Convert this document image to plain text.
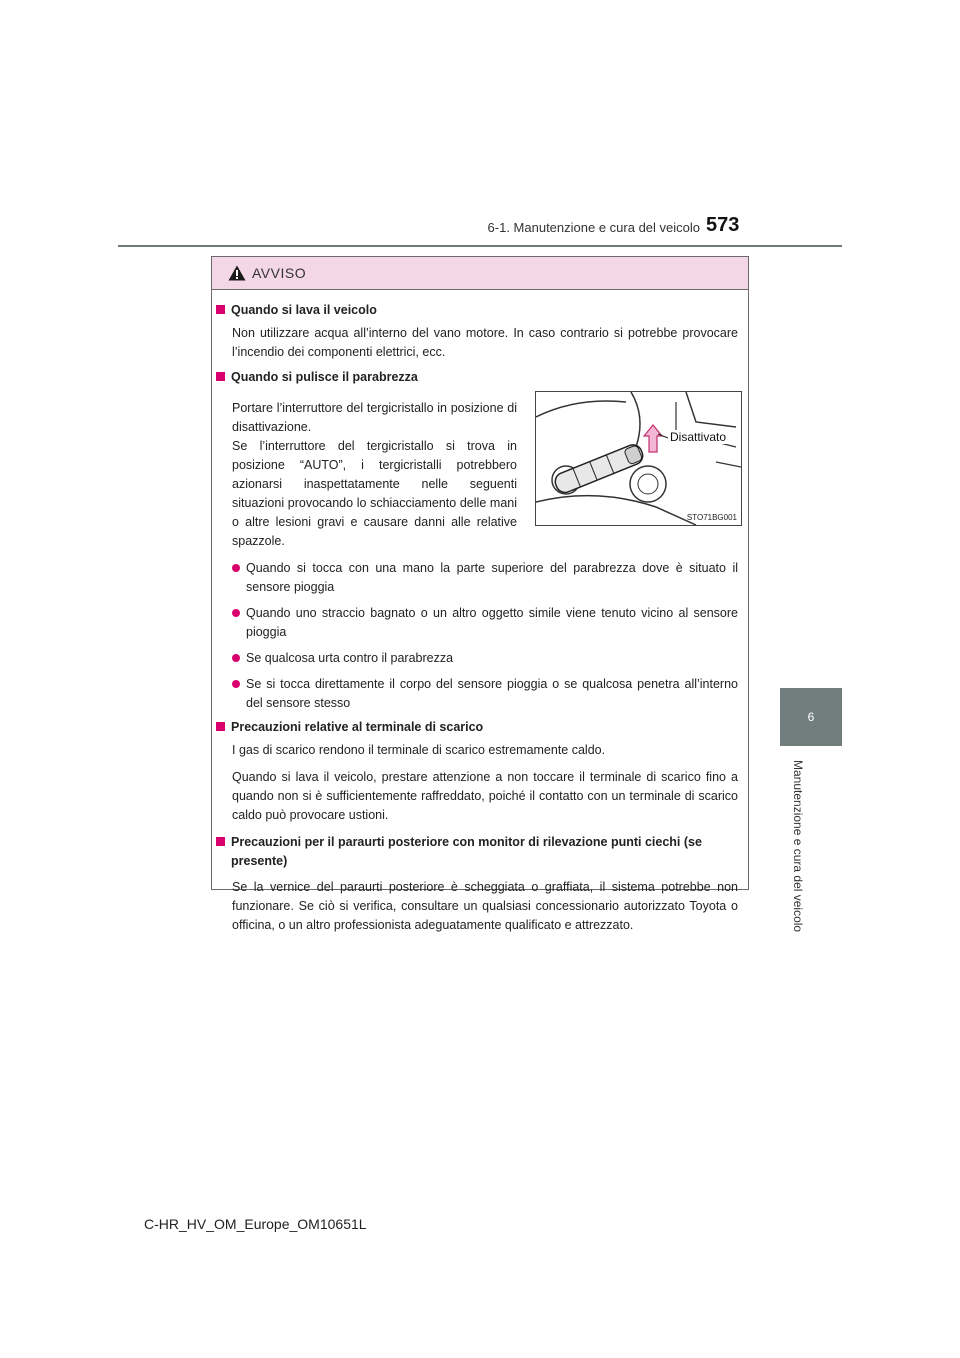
6-1. Manutenzione e cura del veicolo 573
6
Manutenzione e cura del veicolo
AVVISO
Quando si lava il veicolo
Non utilizzare acqua all’interno del vano motore. In caso contrario si potrebbe provocare l’incendio dei componenti elettrici, ecc.
Quando si pulisce il parabrezza
Portare l’interruttore del tergicristallo in posizione di disattivazione.
Se l’interruttore del tergicristallo si trova in posizione “AUTO”, i tergicristalli potrebbero azionarsi inaspettatamente nelle seguenti situazioni provocando lo schiacciamento delle mani o altre lesioni gravi e causare danni alle relative spazzole.
Disattivato
STO71BG001
Quando si tocca con una mano la parte superiore del parabrezza dove è situato il sensore pioggia
Quando uno straccio bagnato o un altro oggetto simile viene tenuto vicino al sensore pioggia
Se qualcosa urta contro il parabrezza
Se si tocca direttamente il corpo del sensore pioggia o se qualcosa penetra all’interno del sensore stesso
Precauzioni relative al terminale di scarico
I gas di scarico rendono il terminale di scarico estremamente caldo.
Quando si lava il veicolo, prestare attenzione a non toccare il terminale di scarico fino a quando non si è sufficientemente raffreddato, poiché il contatto con un terminale di scarico caldo può provocare ustioni.
Precauzioni per il paraurti posteriore con monitor di rilevazione punti ciechi (se presente)
Se la vernice del paraurti posteriore è scheggiata o graffiata, il sistema potrebbe non funzionare. Se ciò si verifica, consultare un qualsiasi concessionario autorizzato Toyota o officina, o un altro professionista adeguatamente qualificato e attrezzato.
C-HR_HV_OM_Europe_OM10651L
